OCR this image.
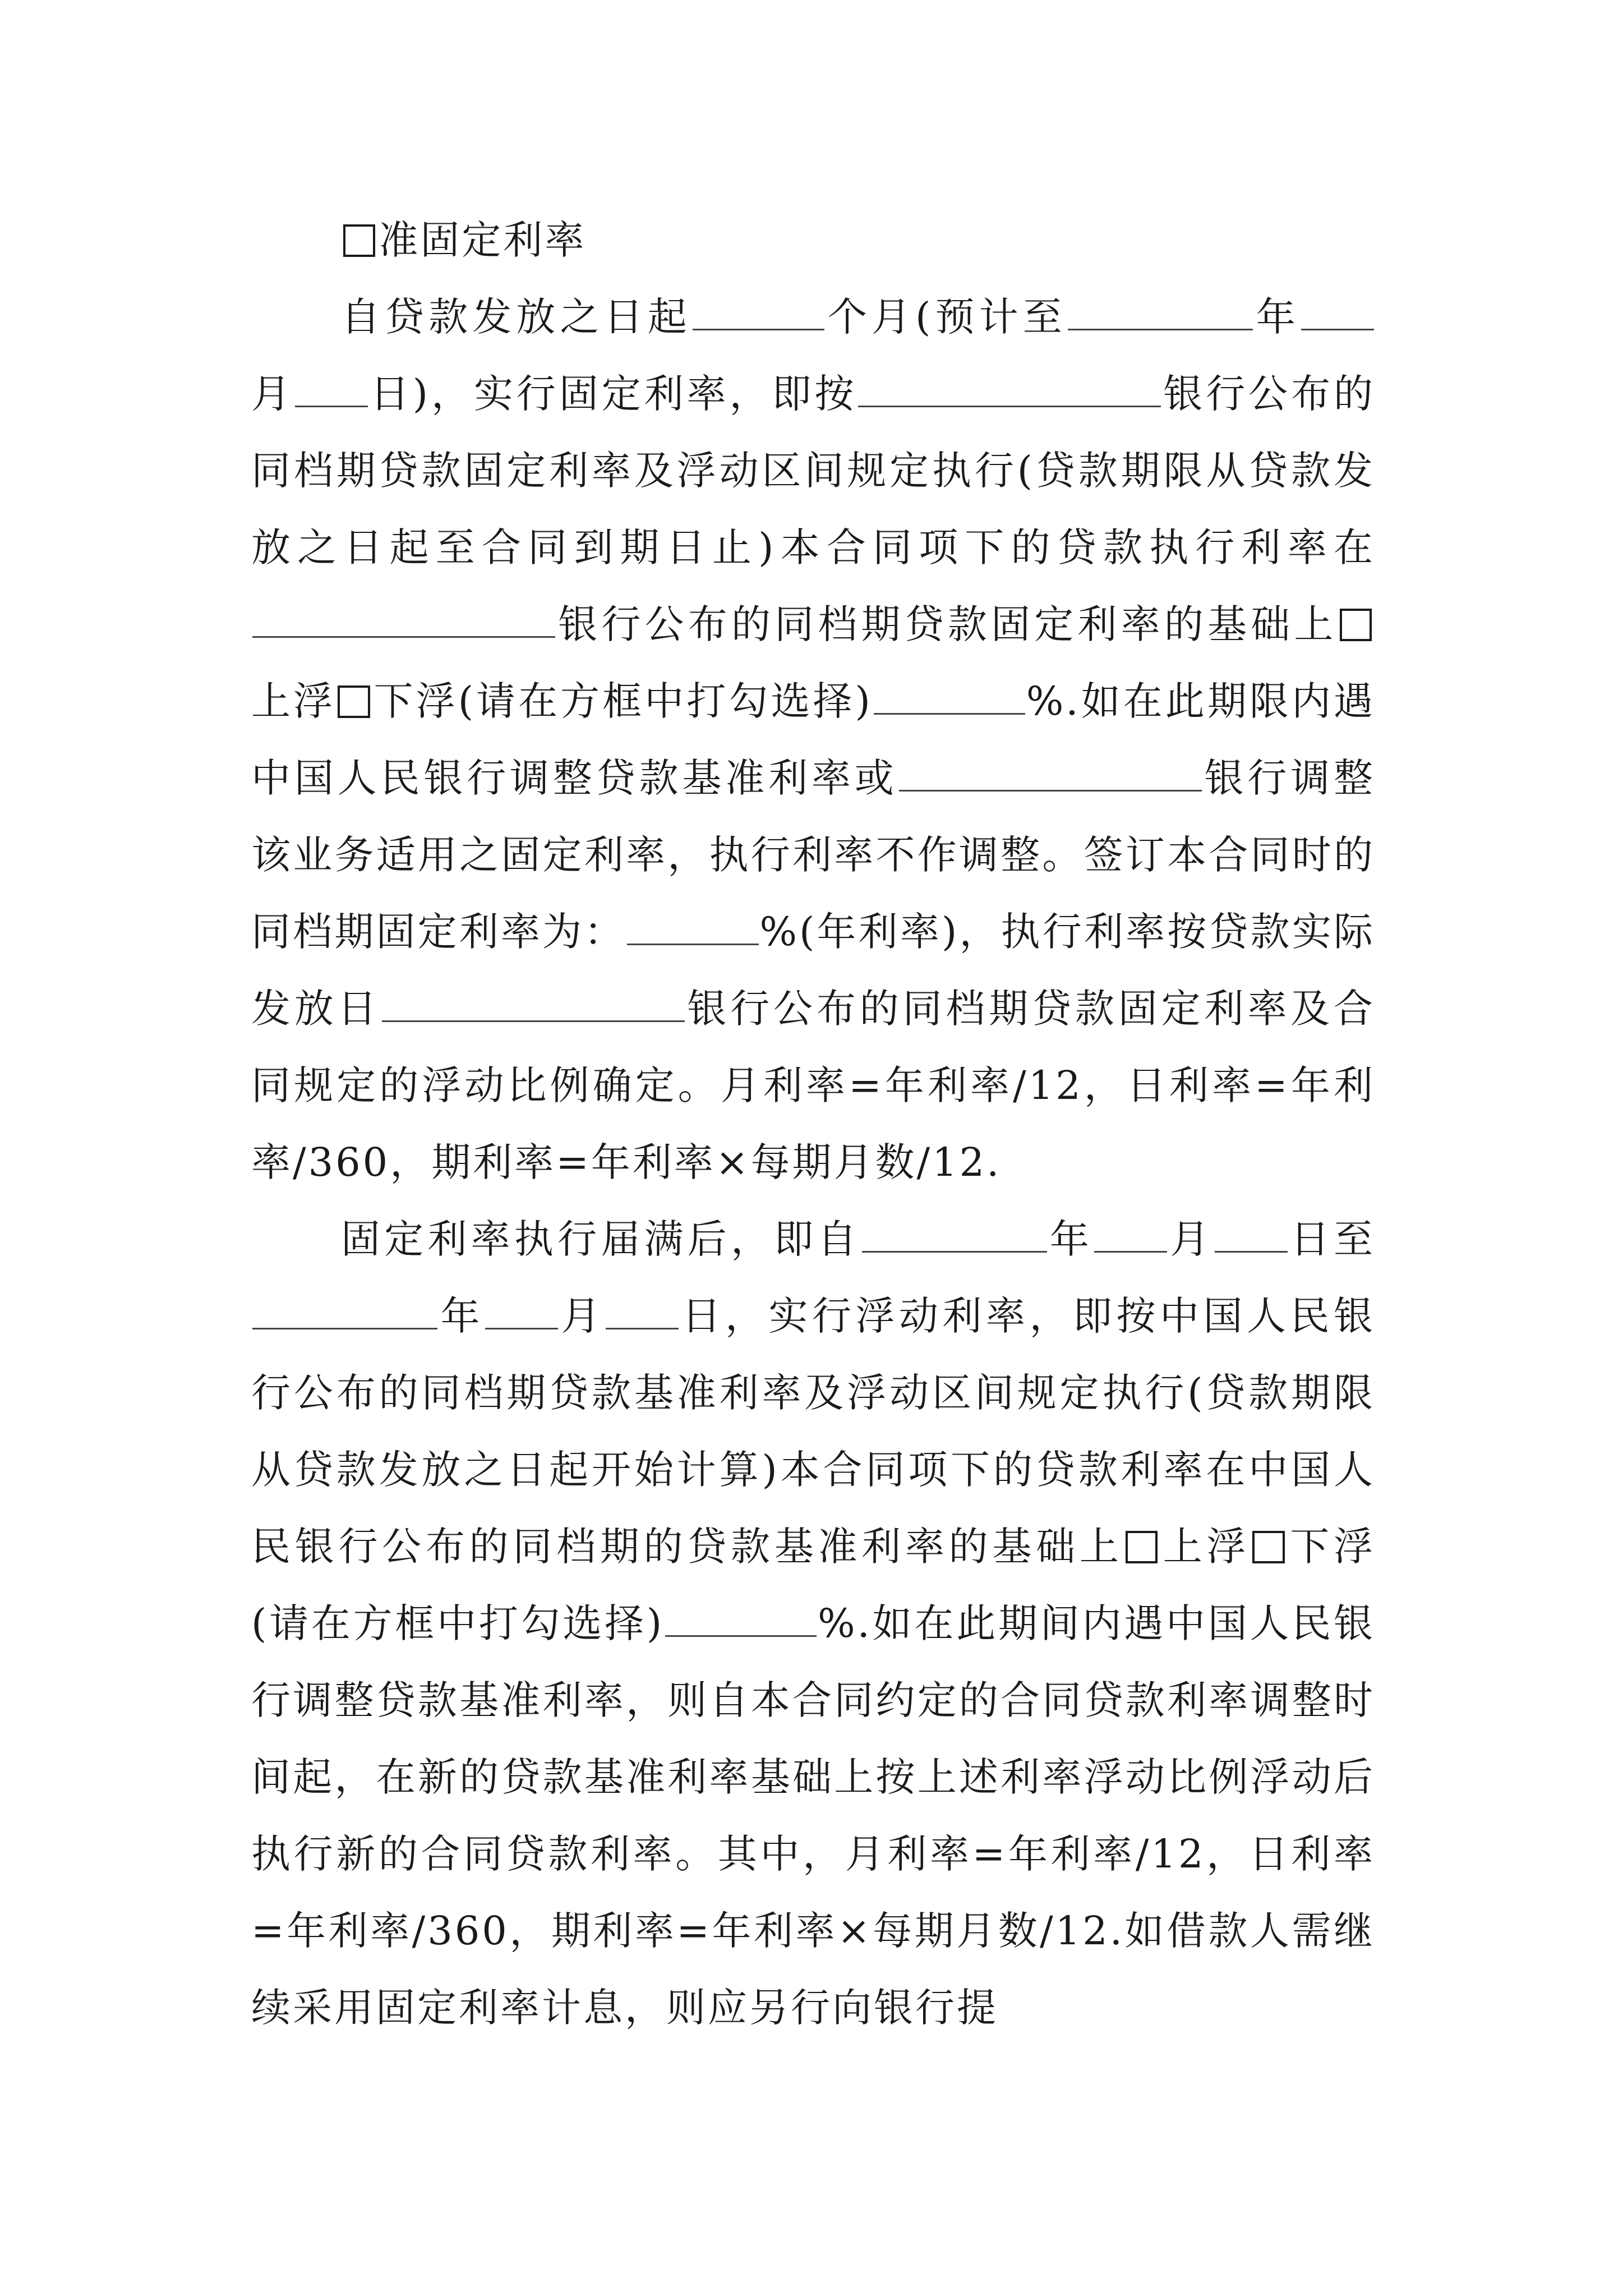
准固定利率

自贷款发放之日起	个月(预计至	年月 日)，实行固定利率，即按	银行公布的同档期贷款固定利率及浮动区间规定执行(贷款期限从贷款发放之日起至合同到期日止)本合同项下的贷款执行利率在银行公布的同档期贷款固定利率的基础上上浮 下浮(请在方框中打勾选择)	%.如在此期限内遇中国人民银行调整贷款基准利率或	银行调整该业务适用之固定利率，执行利率不作调整。签订本合同时的同档期固定利率为：	%(年利率)，执行利率按贷款实际发放日	银行公布的同档期贷款固定利率及合同规定的浮动比例确定。月利率=年利率/12，日利率=年利率/360，期利率=年利率×每期月数/12.

固定利率执行届满后，即自	年 月 日至年 月 日，实行浮动利率，即按中国人民银行公布的同档期贷款基准利率及浮动区间规定执行(贷款期限从贷款发放之日起开始计算)本合同项下的贷款利率在中国人民银行公布的同档期的贷款基准利率的基础上 上浮 下浮(请在方框中打勾选择)	%.如在此期间内遇中国人民银行调整贷款基准利率，则自本合同约定的合同贷款利率调整时间起，在新的贷款基准利率基础上按上述利率浮动比例浮动后执行新的合同贷款利率。其中，月利率=年利率/12，日利率=年利率/360，期利率=年利率×每期月数/12.如借款人需继续采用固定利率计息，则应另行向银行提
